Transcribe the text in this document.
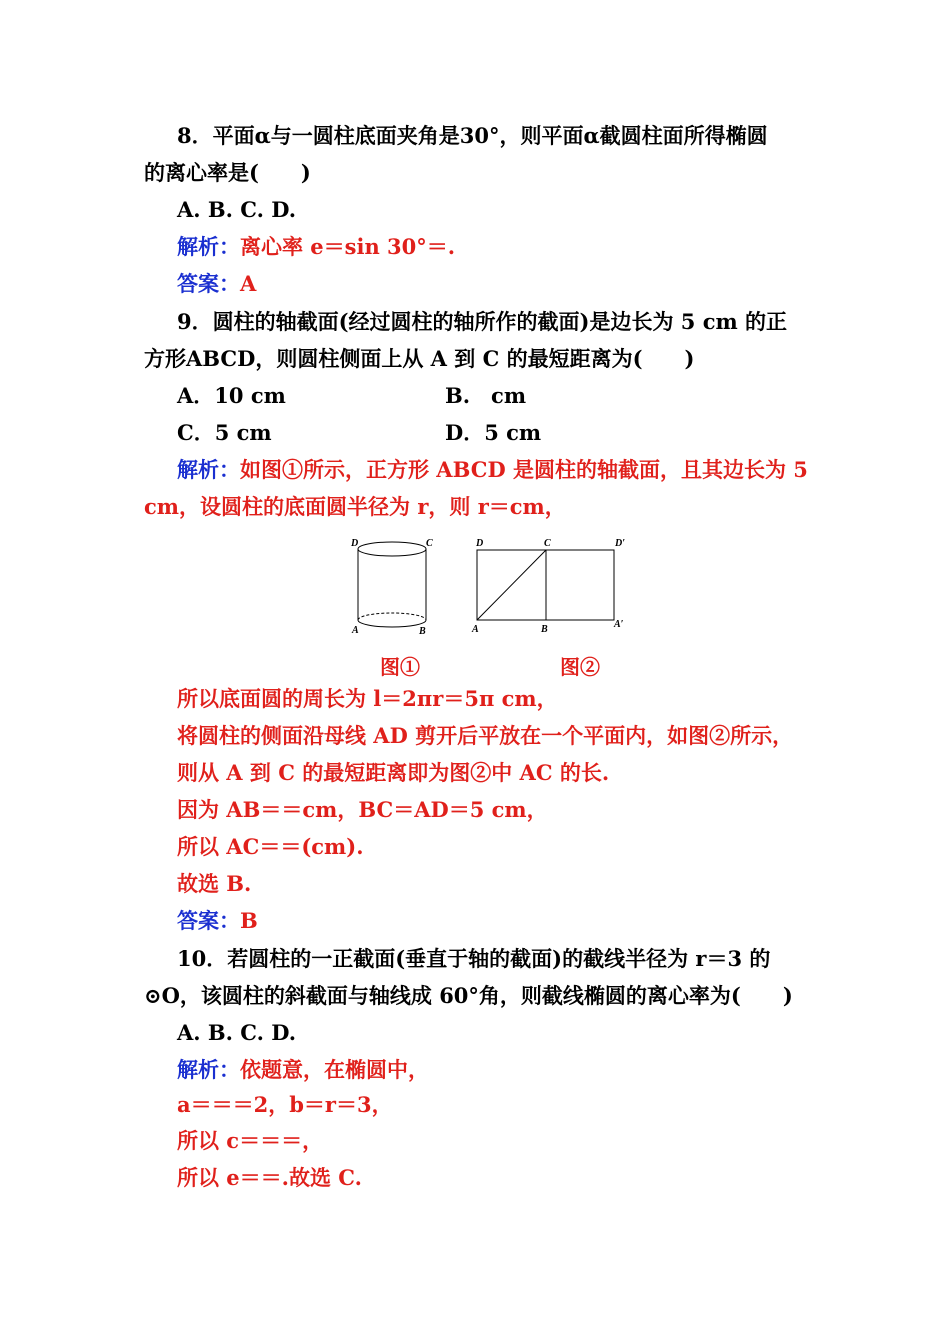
8．平面α与一圆柱底面夹角是30°，则平面α截圆柱面所得椭圆
的离心率是(　　)
A. B. C. D.
解析：离心率 e＝sin 30°＝.
答案：A
9．圆柱的轴截面(经过圆柱的轴所作的截面)是边长为 5 cm 的正
方形ABCD，则圆柱侧面上从 A 到 C 的最短距离为(　　)
A．10 cm	B.　cm
C．5 cm	D．5 cm
解析：如图①所示，正方形 ABCD 是圆柱的轴截面，且其边长为 5
cm，设圆柱的底面圆半径为 r，则 r＝cm，
D	C
A	B
D	C	D′
A	B	A′
图①	图②
所以底面圆的周长为 l＝2πr＝5π cm，
将圆柱的侧面沿母线 AD 剪开后平放在一个平面内，如图②所示，
则从 A 到 C 的最短距离即为图②中 AC 的长.
因为 AB＝＝cm，BC＝AD＝5 cm，
所以 AC＝＝(cm).
故选 B.
答案：B
10．若圆柱的一正截面(垂直于轴的截面)的截线半径为 r＝3 的
⊙O，该圆柱的斜截面与轴线成 60°角，则截线椭圆的离心率为(　　)
A. B. C. D.
解析：依题意，在椭圆中，
a＝＝＝2，b＝r＝3，
所以 c＝＝＝，
所以 e＝＝.故选 C.
